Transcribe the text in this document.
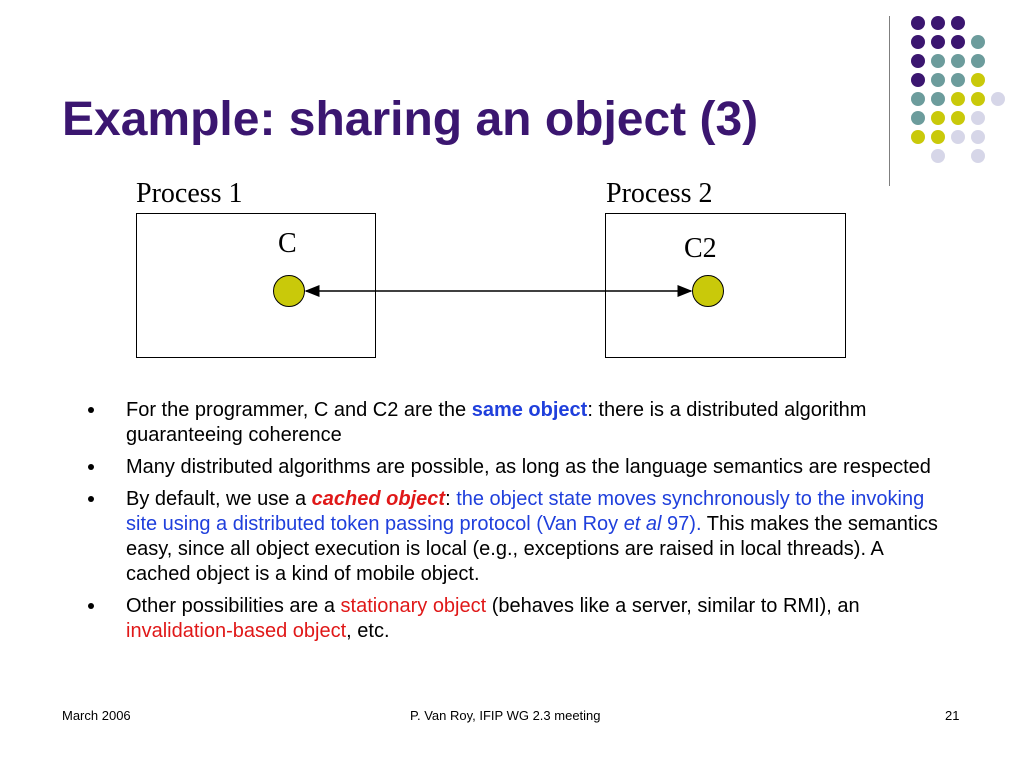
Example: sharing an object (3)
Process 1	Process 2
C	C2
For the programmer, C and C2 are the same object: there is a distributed algorithm guaranteeing coherence
Many distributed algorithms are possible, as long as the language semantics are respected
By default, we use a cached object: the object state moves synchronously to the invoking site using a distributed token passing protocol (Van Roy et al 97). This makes the semantics easy, since all object execution is local (e.g., exceptions are raised in local threads). A cached object is a kind of mobile object.
Other possibilities are a stationary object (behaves like a server, similar to RMI), an invalidation-based object, etc.
March 2006	P. Van Roy, IFIP WG 2.3 meeting	21
